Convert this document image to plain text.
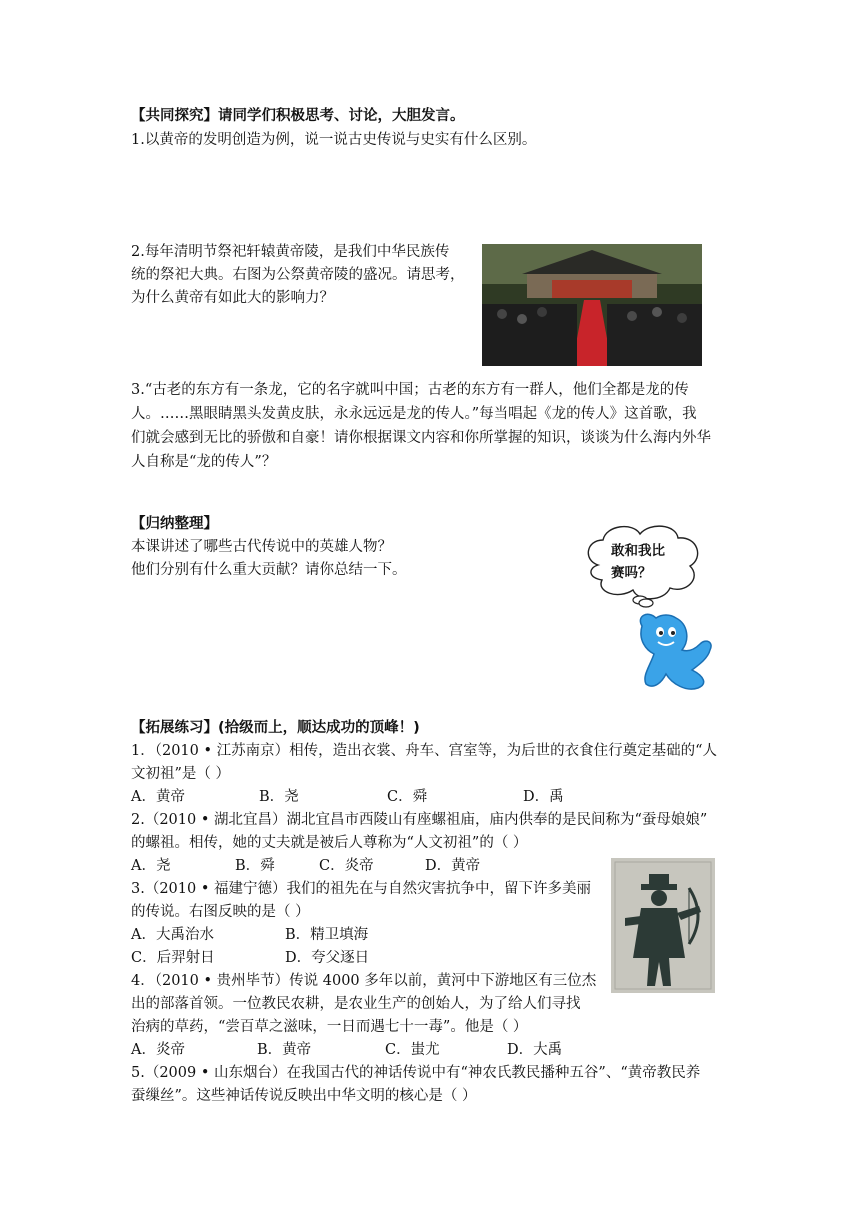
【共同探究】请同学们积极思考、讨论，大胆发言。
1.以黄帝的发明创造为例，说一说古史传说与史实有什么区别。
2.每年清明节祭祀轩辕黄帝陵，是我们中华民族传
统的祭祀大典。右图为公祭黄帝陵的盛况。请思考，
为什么黄帝有如此大的影响力？
3.“古老的东方有一条龙，它的名字就叫中国；古老的东方有一群人，他们全都是龙的传
人。……黑眼睛黑头发黄皮肤，永永远远是龙的传人。”每当唱起《龙的传人》这首歌，我
们就会感到无比的骄傲和自豪！请你根据课文内容和你所掌握的知识，谈谈为什么海内外华
人自称是“龙的传人”？
【归纳整理】
本课讲述了哪些古代传说中的英雄人物？
他们分别有什么重大贡献？请你总结一下。
敢和我比
赛吗？
【拓展练习】(拾级而上，顺达成功的顶峰！)
1．（2010 • 江苏南京）相传，造出衣裳、舟车、宫室等，为后世的衣食住行奠定基础的“人
文初祖”是（ ）
A．黄帝	B．尧	C．舜	D．禹
2.（2010 • 湖北宜昌）湖北宜昌市西陵山有座螺祖庙，庙内供奉的是民间称为“蚕母娘娘”
的螺祖。相传，她的丈夫就是被后人尊称为“人文初祖”的（ ）
A．尧	B．舜	C．炎帝	D．黄帝
3.（2010 • 福建宁德）我们的祖先在与自然灾害抗争中，留下许多美丽
的传说。右图反映的是（ ）
A．大禹治水	B．精卫填海
C．后羿射日	D．夸父逐日
4．（2010 • 贵州毕节）传说 4000 多年以前，黄河中下游地区有三位杰
出的部落首领。一位教民农耕，是农业生产的创始人，为了给人们寻找
治病的草药，“尝百草之滋味，一日而遇七十一毒”。他是（ ）
A．炎帝	B．黄帝	C．蚩尤	D．大禹
5.（2009 • 山东烟台）在我国古代的神话传说中有“神农氏教民播种五谷”、“黄帝教民养
蚕缫丝”。这些神话传说反映出中华文明的核心是（ ）
